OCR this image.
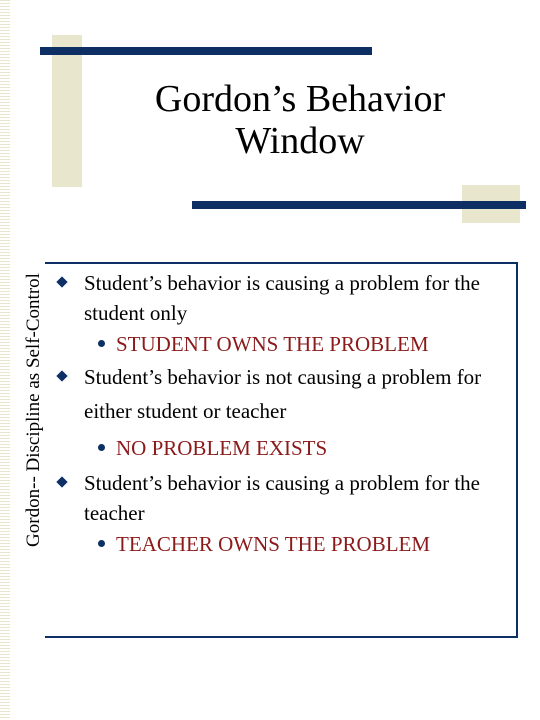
Gordon-- Discipline as Self-Control
Gordon’s Behavior
Window
Student’s behavior is causing a problem for the student only
STUDENT OWNS THE PROBLEM
Student’s behavior is not causing a problem for either student or teacher
NO PROBLEM EXISTS
Student’s behavior is causing a problem for the teacher
TEACHER OWNS THE PROBLEM
